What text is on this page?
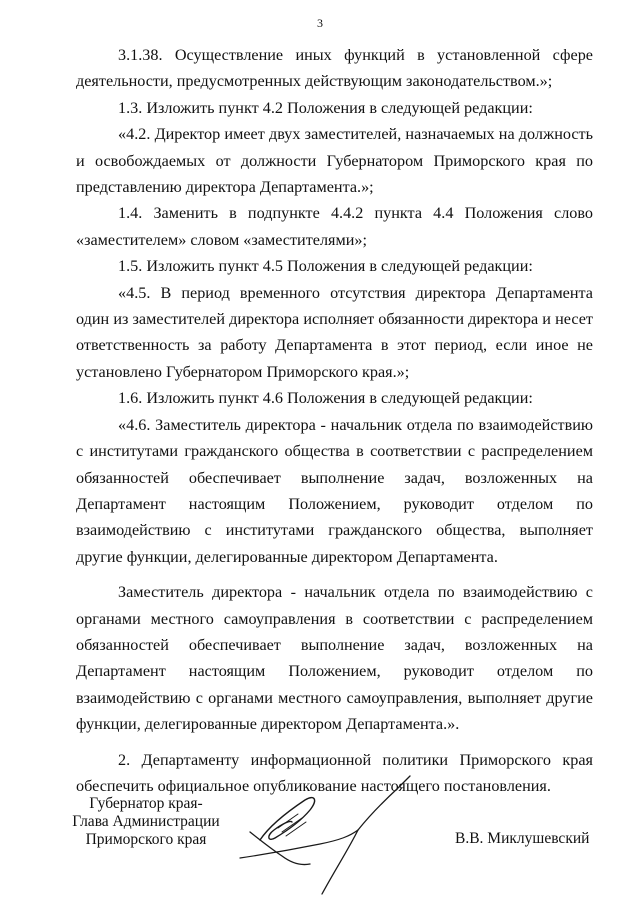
3

3.1.38. Осуществление иных функций в установленной сфере деятельности, предусмотренных действующим законодательством.»;

1.3. Изложить пункт 4.2 Положения в следующей редакции:

«4.2. Директор имеет двух заместителей, назначаемых на должность и освобождаемых от должности Губернатором Приморского края по представлению директора Департамента.»;

1.4. Заменить в подпункте 4.4.2 пункта 4.4 Положения слово «заместителем» словом «заместителями»;

1.5. Изложить пункт 4.5 Положения в следующей редакции:

«4.5. В период временного отсутствия директора Департамента один из заместителей директора исполняет обязанности директора и несет ответственность за работу Департамента в этот период, если иное не установлено Губернатором Приморского края.»;

1.6. Изложить пункт 4.6 Положения в следующей редакции:

«4.6. Заместитель директора - начальник отдела по взаимодействию с институтами гражданского общества в соответствии с распределением обязанностей обеспечивает выполнение задач, возложенных на Департамент настоящим Положением, руководит отделом по взаимодействию с институтами гражданского общества, выполняет другие функции, делегированные директором Департамента.

Заместитель директора - начальник отдела по взаимодействию с органами местного самоуправления в соответствии с распределением обязанностей обеспечивает выполнение задач, возложенных на Департамент настоящим Положением, руководит отделом по взаимодействию с органами местного самоуправления, выполняет другие функции, делегированные директором Департамента.».

2. Департаменту информационной политики Приморского края обеспечить официальное опубликование настоящего постановления.

Губернатор края-
Глава Администрации
Приморского края	В.В. Миклушевский
